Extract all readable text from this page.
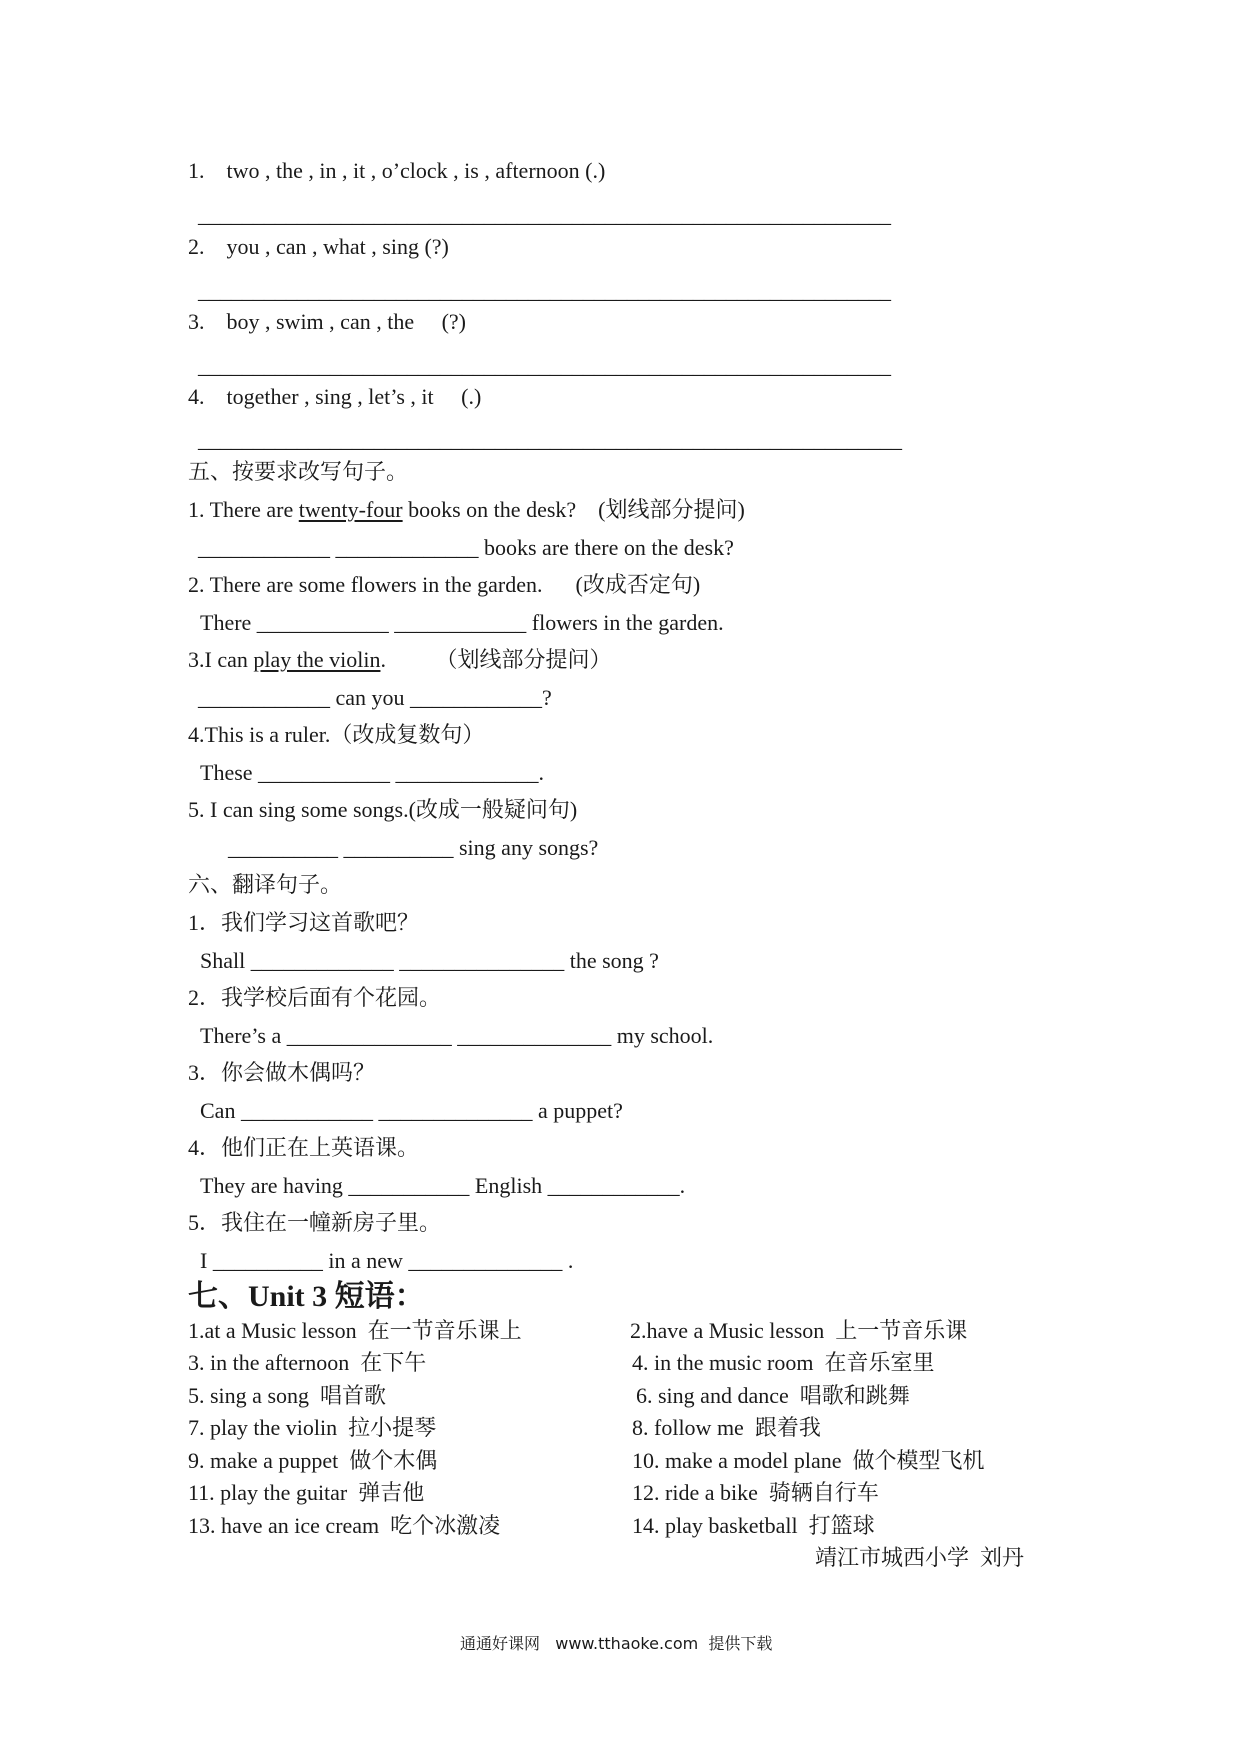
1.    two , the , in , it , o’clock , is , afternoon (.)
_______________________________________________________________
2.    you , can , what , sing (?)
_______________________________________________________________
3.    boy , swim , can , the     (?)
_______________________________________________________________
4.    together , sing , let’s , it     (.)
________________________________________________________________
五、按要求改写句子。
1. There are twenty-four books on the desk?    (划线部分提问)
____________ _____________ books are there on the desk?
2. There are some flowers in the garden.      (改成否定句)
There ____________ ____________ flowers in the garden.
3.I can play the violin.         （划线部分提问）
____________ can you ____________?
4.This is a ruler.（改成复数句）
These ____________ _____________.
5. I can sing some songs.(改成一般疑问句)
__________ __________ sing any songs?
六、翻译句子。
1．我们学习这首歌吧？
Shall _____________ _______________ the song ?
2．我学校后面有个花园。
There’s a _______________ ______________ my school.
3．你会做木偶吗？
Can ____________ ______________ a puppet?
4．他们正在上英语课。
They are having ___________ English ____________.
5．我住在一幢新房子里。
I __________ in a new ______________ .
七、Unit 3 短语：
1.at a Music lesson  在一节音乐课上
3. in the afternoon  在下午
5. sing a song  唱首歌
7. play the violin  拉小提琴
9. make a puppet  做个木偶
11. play the guitar  弹吉他
13. have an ice cream  吃个冰激凌
2.have a Music lesson  上一节音乐课
4. in the music room  在音乐室里
6. sing and dance  唱歌和跳舞
8. follow me  跟着我
10. make a model plane  做个模型飞机
12. ride a bike  骑辆自行车
14. play basketball  打篮球
靖江市城西小学  刘丹
通通好课网   www.tthaoke.com  提供下载
